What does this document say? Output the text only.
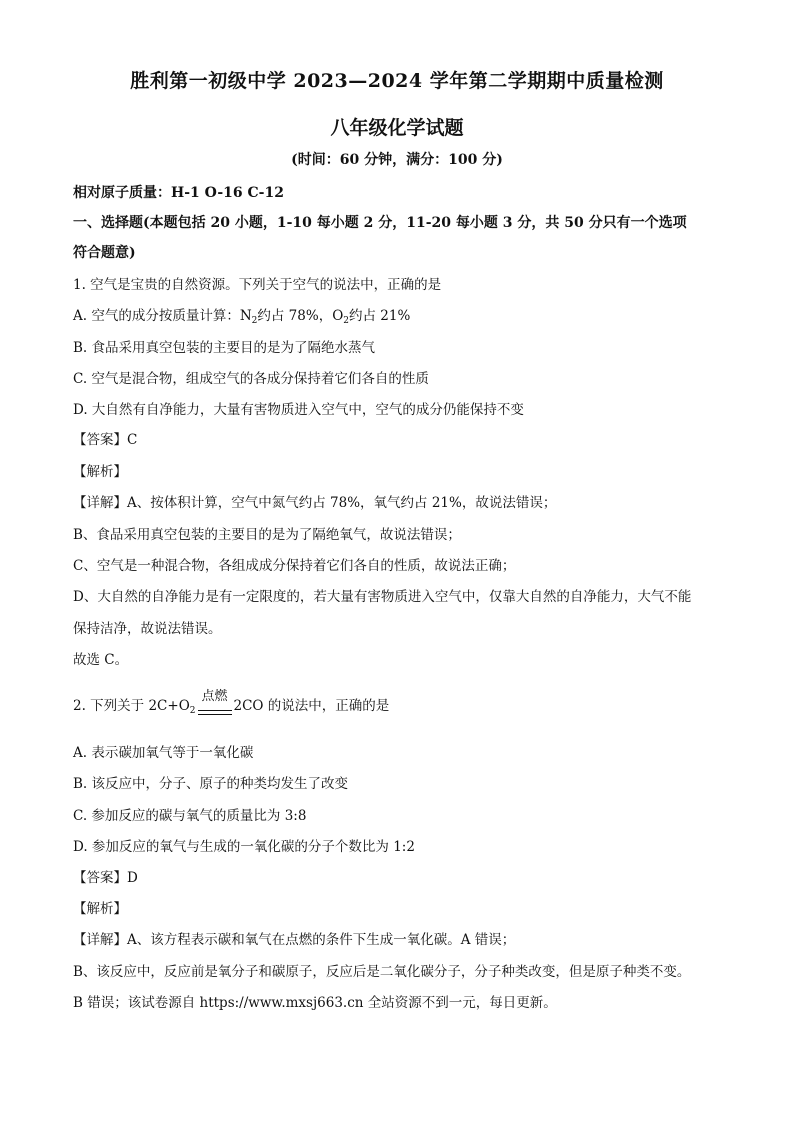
胜利第一初级中学 2023—2024 学年第二学期期中质量检测
八年级化学试题
(时间：60 分钟，满分：100 分)
相对原子质量：H-1 O-16 C-12
一、选择题(本题包括 20 小题，1-10 每小题 2 分，11-20 每小题 3 分，共 50 分只有一个选项
符合题意)
1. 空气是宝贵的自然资源。下列关于空气的说法中，正确的是
A. 空气的成分按质量计算：$N_2$约占 78%，$O_2$约占 21%
B. 食品采用真空包装的主要目的是为了隔绝水蒸气
C. 空气是混合物，组成空气的各成分保持着它们各自的性质
D. 大自然有自净能力，大量有害物质进入空气中，空气的成分仍能保持不变
【答案】C
【解析】
【详解】A、按体积计算，空气中氮气约占 78%，氧气约占 21%，故说法错误；
B、食品采用真空包装的主要目的是为了隔绝氧气，故说法错误；
C、空气是一种混合物，各组成成分保持着它们各自的性质，故说法正确；
D、大自然的自净能力是有一定限度的，若大量有害物质进入空气中，仅靠大自然的自净能力，大气不能
保持洁净，故说法错误。
故选 C。
2. 下列关于 $2C+O_2$
点燃
2CO 的说法中，正确的是
A. 表示碳加氧气等于一氧化碳
B. 该反应中，分子、原子的种类均发生了改变
C. 参加反应的碳与氧气的质量比为 3:8
D. 参加反应的氧气与生成的一氧化碳的分子个数比为 1:2
【答案】D
【解析】
【详解】A、该方程表示碳和氧气在点燃的条件下生成一氧化碳。A 错误；
B、该反应中，反应前是氧分子和碳原子，反应后是二氧化碳分子，分子种类改变，但是原子种类不变。
B 错误；该试卷源自 https://www.mxsj663.cn 全站资源不到一元，每日更新。
